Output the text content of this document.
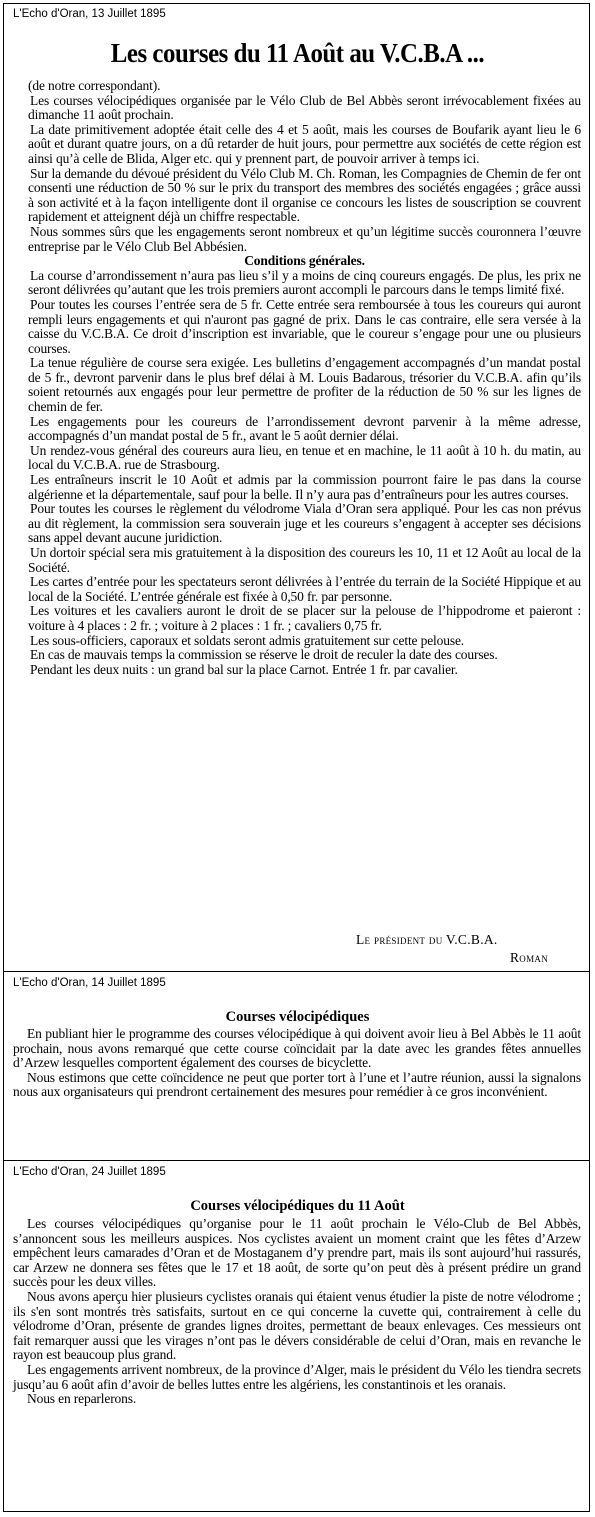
L'Echo d'Oran, 13 Juillet 1895
Les courses du 11 Août au V.C.B.A ...

(de notre correspondant).

Les courses vélocipédiques organisée par le Vélo Club de Bel Abbès seront irrévocablement fixées au dimanche 11 août prochain.

La date primitivement adoptée était celle des 4 et 5 août, mais les courses de Boufarik ayant lieu le 6 août et durant quatre jours, on a dû retarder de huit jours, pour permettre aux sociétés de cette région est ainsi qu’à celle de Blida, Alger etc. qui y prennent part, de pouvoir arriver à temps ici.

Sur la demande du dévoué président du Vélo Club M. Ch. Roman, les Compagnies de Chemin de fer ont consenti une réduction de 50 % sur le prix du transport des membres des sociétés engagées ; grâce aussi à son activité et à la façon intelligente dont il organise ce concours les listes de souscription se couvrent rapidement et atteignent déjà un chiffre respectable.

Nous sommes sûrs que les engagements seront nombreux et qu’un légitime succès couronnera l’œuvre entreprise par le Vélo Club Bel Abbésien.

Conditions générales.

La course d’arrondissement n’aura pas lieu s’il y a moins de cinq coureurs engagés. De plus, les prix ne seront délivrées qu’autant que les trois premiers auront accompli le parcours dans le temps limité fixé.

Pour toutes les courses l’entrée sera de 5 fr. Cette entrée sera remboursée à tous les coureurs qui auront rempli leurs engagements et qui n'auront pas gagné de prix. Dans le cas contraire, elle sera versée à la caisse du V.C.B.A. Ce droit d’inscription est invariable, que le coureur s’engage pour une ou plusieurs courses.

La tenue régulière de course sera exigée. Les bulletins d’engagement accompagnés d’un mandat postal de 5 fr., devront parvenir dans le plus bref délai à M. Louis Badarous, trésorier du V.C.B.A. afin qu’ils soient retournés aux engagés pour leur permettre de profiter de la réduction de 50 % sur les lignes de chemin de fer.

Les engagements pour les coureurs de l’arrondissement devront parvenir à la même adresse, accompagnés d’un mandat postal de 5 fr., avant le 5 août dernier délai.

Un rendez-vous général des coureurs aura lieu, en tenue et en machine, le 11 août à 10 h. du matin, au local du V.C.B.A. rue de Strasbourg.

Les entraîneurs inscrit le 10 Août et admis par la commission pourront faire le pas dans la course algérienne et la départementale, sauf pour la belle. Il n’y aura pas d’entraîneurs pour les autres courses.

Pour toutes les courses le règlement du vélodrome Viala d’Oran sera appliqué. Pour les cas non prévus au dit règlement, la commission sera souverain juge et les coureurs s’engagent à accepter ses décisions sans appel devant aucune juridiction.

Un dortoir spécial sera mis gratuitement à la disposition des coureurs les 10, 11 et 12 Août au local de la Société.

Les cartes d’entrée pour les spectateurs seront délivrées à l’entrée du terrain de la Société Hippique et au local de la Société. L’entrée générale est fixée à 0,50 fr. par personne.

Les voitures et les cavaliers auront le droit de se placer sur la pelouse de l’hippodrome et paieront : voiture à 4 places : 2 fr. ; voiture à 2 places : 1 fr. ; cavaliers 0,75 fr.

Les sous-officiers, caporaux et soldats seront admis gratuitement sur cette pelouse.

En cas de mauvais temps la commission se réserve le droit de reculer la date des courses.

Pendant les deux nuits : un grand bal sur la place Carnot. Entrée 1 fr. par cavalier.

Le président du V.C.B.A.
Roman
L'Echo d'Oran, 14 Juillet 1895
Courses vélocipédiques

En publiant hier le programme des courses vélocipédique à qui doivent avoir lieu à Bel Abbès le 11 août prochain, nous avons remarqué que cette course coïncidait par la date avec les grandes fêtes annuelles d’Arzew lesquelles comportent également des courses de bicyclette.

Nous estimons que cette coïncidence ne peut que porter tort à l’une et l’autre réunion, aussi la signalons nous aux organisateurs qui prendront certainement des mesures pour remédier à ce gros inconvénient.

L'Echo d'Oran, 24 Juillet 1895
Courses vélocipédiques du 11 Août

Les courses vélocipédiques qu’organise pour le 11 août prochain le Vélo-Club de Bel Abbès, s’annoncent sous les meilleurs auspices. Nos cyclistes avaient un moment craint que les fêtes d’Arzew empêchent leurs camarades d’Oran et de Mostaganem d’y prendre part, mais ils sont aujourd’hui rassurés, car Arzew ne donnera ses fêtes que le 17 et 18 août, de sorte qu’on peut dès à présent prédire un grand succès pour les deux villes.

Nous avons aperçu hier plusieurs cyclistes oranais qui étaient venus étudier la piste de notre vélodrome ; ils s'en sont montrés très satisfaits, surtout en ce qui concerne la cuvette qui, contrairement à celle du vélodrome d’Oran, présente de grandes lignes droites, permettant de beaux enlevages. Ces messieurs ont fait remarquer aussi que les virages n’ont pas le dévers considérable de celui d’Oran, mais en revanche le rayon est beaucoup plus grand.

Les engagements arrivent nombreux, de la province d’Alger, mais le président du Vélo les tiendra secrets jusqu’au 6 août afin d’avoir de belles luttes entre les algériens, les constantinois et les oranais.

Nous en reparlerons.
